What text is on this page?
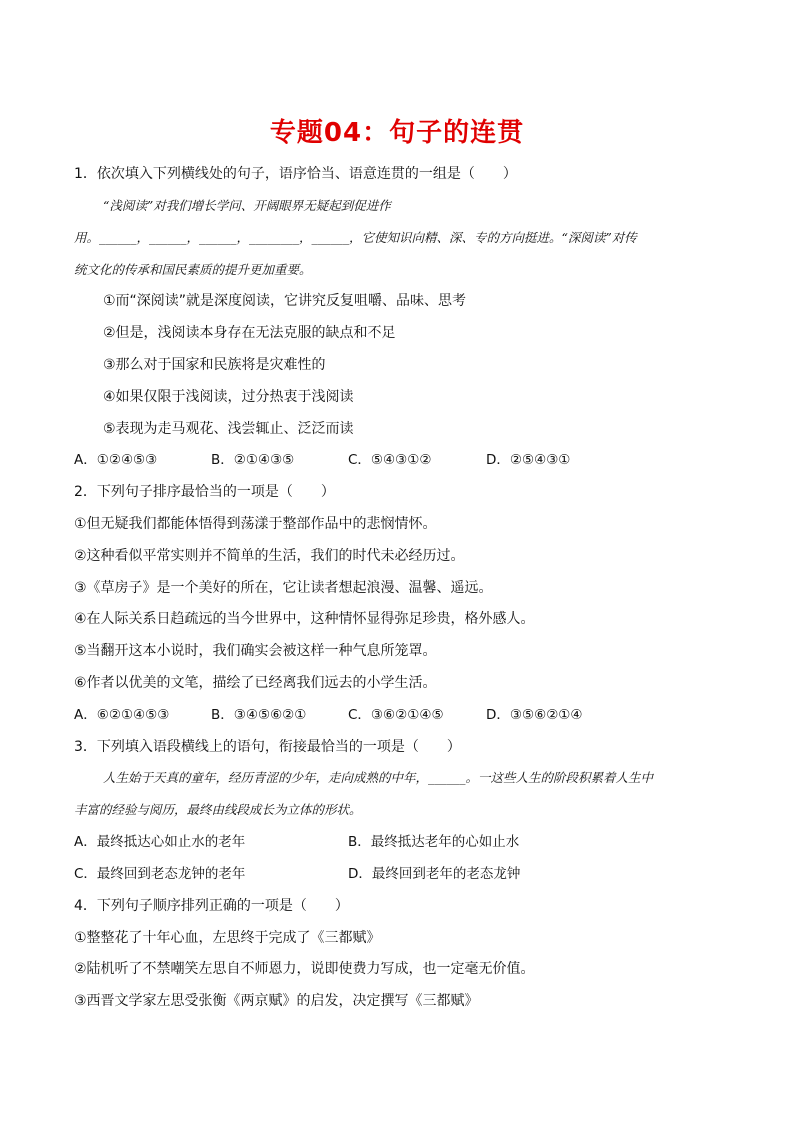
专题04：句子的连贯
1．依次填入下列横线处的句子，语序恰当、语意连贯的一组是（　　）
“浅阅读”对我们增长学问、开阔眼界无疑起到促进作
用。______，______，______，________，______，它使知识向精、深、专的方向挺进。“深阅读”对传
统文化的传承和国民素质的提升更加重要。
①而“深阅读”就是深度阅读，它讲究反复咀嚼、品味、思考
②但是，浅阅读本身存在无法克服的缺点和不足
③那么对于国家和民族将是灾难性的
④如果仅限于浅阅读，过分热衷于浅阅读
⑤表现为走马观花、浅尝辄止、泛泛而读
A．①②④⑤③	B．②①④③⑤	C．⑤④③①②	D．②⑤④③①
2．下列句子排序最恰当的一项是（　　）
①但无疑我们都能体悟得到荡漾于整部作品中的悲悯情怀。
②这种看似平常实则并不简单的生活，我们的时代未必经历过。
③《草房子》是一个美好的所在，它让读者想起浪漫、温馨、遥远。
④在人际关系日趋疏远的当今世界中，这种情怀显得弥足珍贵，格外感人。
⑤当翻开这本小说时，我们确实会被这样一种气息所笼罩。
⑥作者以优美的文笔，描绘了已经离我们远去的小学生活。
A．⑥②①④⑤③	B．③④⑤⑥②①	C．③⑥②①④⑤	D．③⑤⑥②①④
3．下列填入语段横线上的语句，衔接最恰当的一项是（　　）
人生始于天真的童年，经历青涩的少年，走向成熟的中年，______。一这些人生的阶段积累着人生中
丰富的经验与阅历，最终由线段成长为立体的形状。
A．最终抵达心如止水的老年	B．最终抵达老年的心如止水
C．最终回到老态龙钟的老年	D．最终回到老年的老态龙钟
4．下列句子顺序排列正确的一项是（　　）
①整整花了十年心血，左思终于完成了《三都赋》
②陆机听了不禁嘲笑左思自不师恩力，说即使费力写成，也一定毫无价值。
③西晋文学家左思受张衡《两京赋》的启发，决定撰写《三都赋》
